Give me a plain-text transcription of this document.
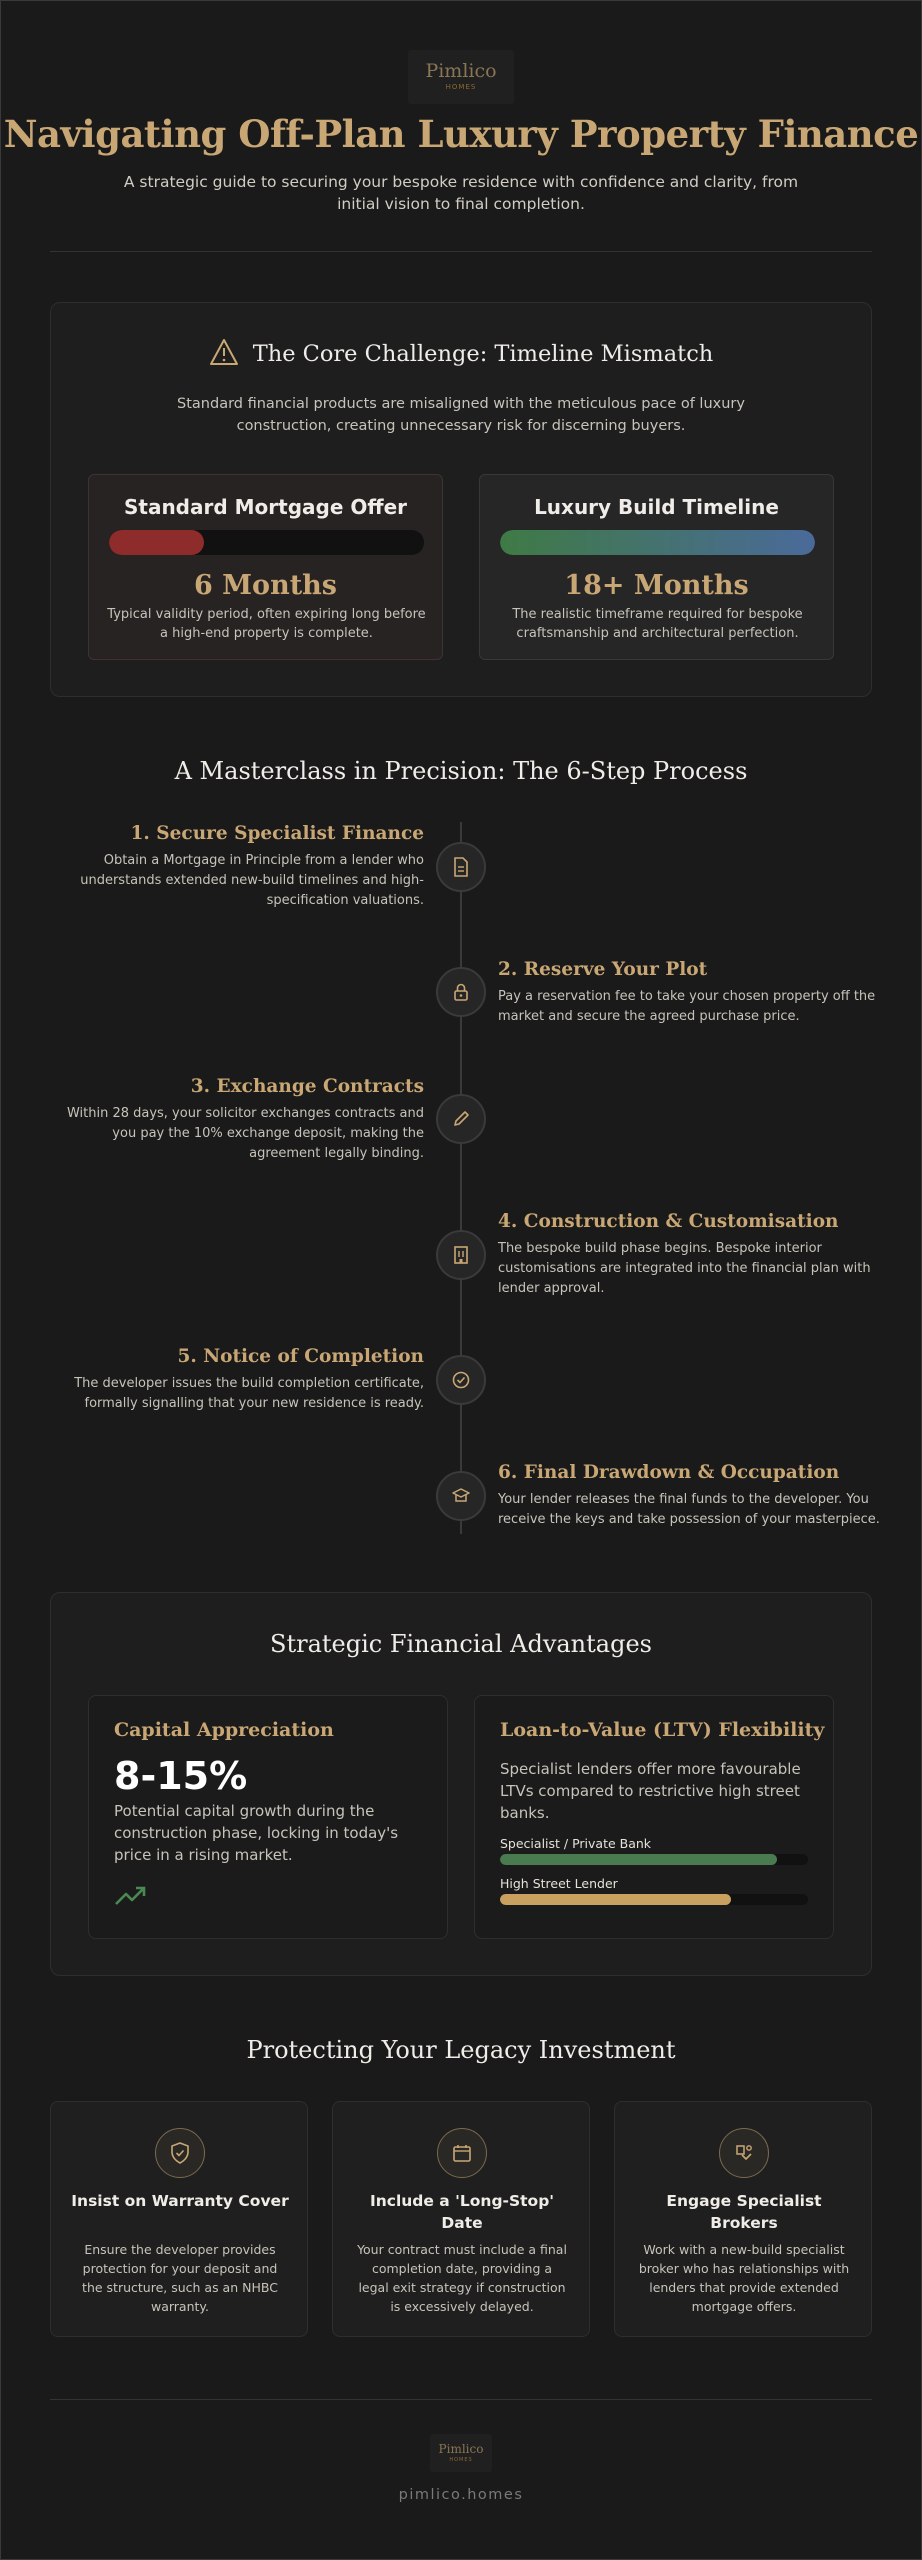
Pimlico
HOMES
Navigating Off-Plan Luxury Property Finance
A strategic guide to securing your bespoke residence with confidence and clarity, from initial vision to final completion.
The Core Challenge: Timeline Mismatch
Standard financial products are misaligned with the meticulous pace of luxury construction, creating unnecessary risk for discerning buyers.
Standard Mortgage Offer
6 Months
Typical validity period, often expiring long before a high-end property is complete.
Luxury Build Timeline
18+ Months
The realistic timeframe required for bespoke craftsmanship and architectural perfection.
A Masterclass in Precision: The 6-Step Process
1. Secure Specialist Finance
Obtain a Mortgage in Principle from a lender who understands extended new-build timelines and high-specification valuations.
2. Reserve Your Plot
Pay a reservation fee to take your chosen property off the market and secure the agreed purchase price.
3. Exchange Contracts
Within 28 days, your solicitor exchanges contracts and you pay the 10% exchange deposit, making the agreement legally binding.
4. Construction & Customisation
The bespoke build phase begins. Bespoke interior customisations are integrated into the financial plan with lender approval.
5. Notice of Completion
The developer issues the build completion certificate, formally signalling that your new residence is ready.
6. Final Drawdown & Occupation
Your lender releases the final funds to the developer. You receive the keys and take possession of your masterpiece.
Strategic Financial Advantages
Capital Appreciation
8-15%
Potential capital growth during the construction phase, locking in today's price in a rising market.
Loan-to-Value (LTV) Flexibility
Specialist lenders offer more favourable LTVs compared to restrictive high street banks.
Specialist / Private Bank
High Street Lender
Protecting Your Legacy Investment
Insist on Warranty Cover
Ensure the developer provides protection for your deposit and the structure, such as an NHBC warranty.
Include a 'Long-Stop' Date
Your contract must include a final completion date, providing a legal exit strategy if construction is excessively delayed.
Engage Specialist Brokers
Work with a new-build specialist broker who has relationships with lenders that provide extended mortgage offers.
Pimlico
HOMES
pimlico.homes
